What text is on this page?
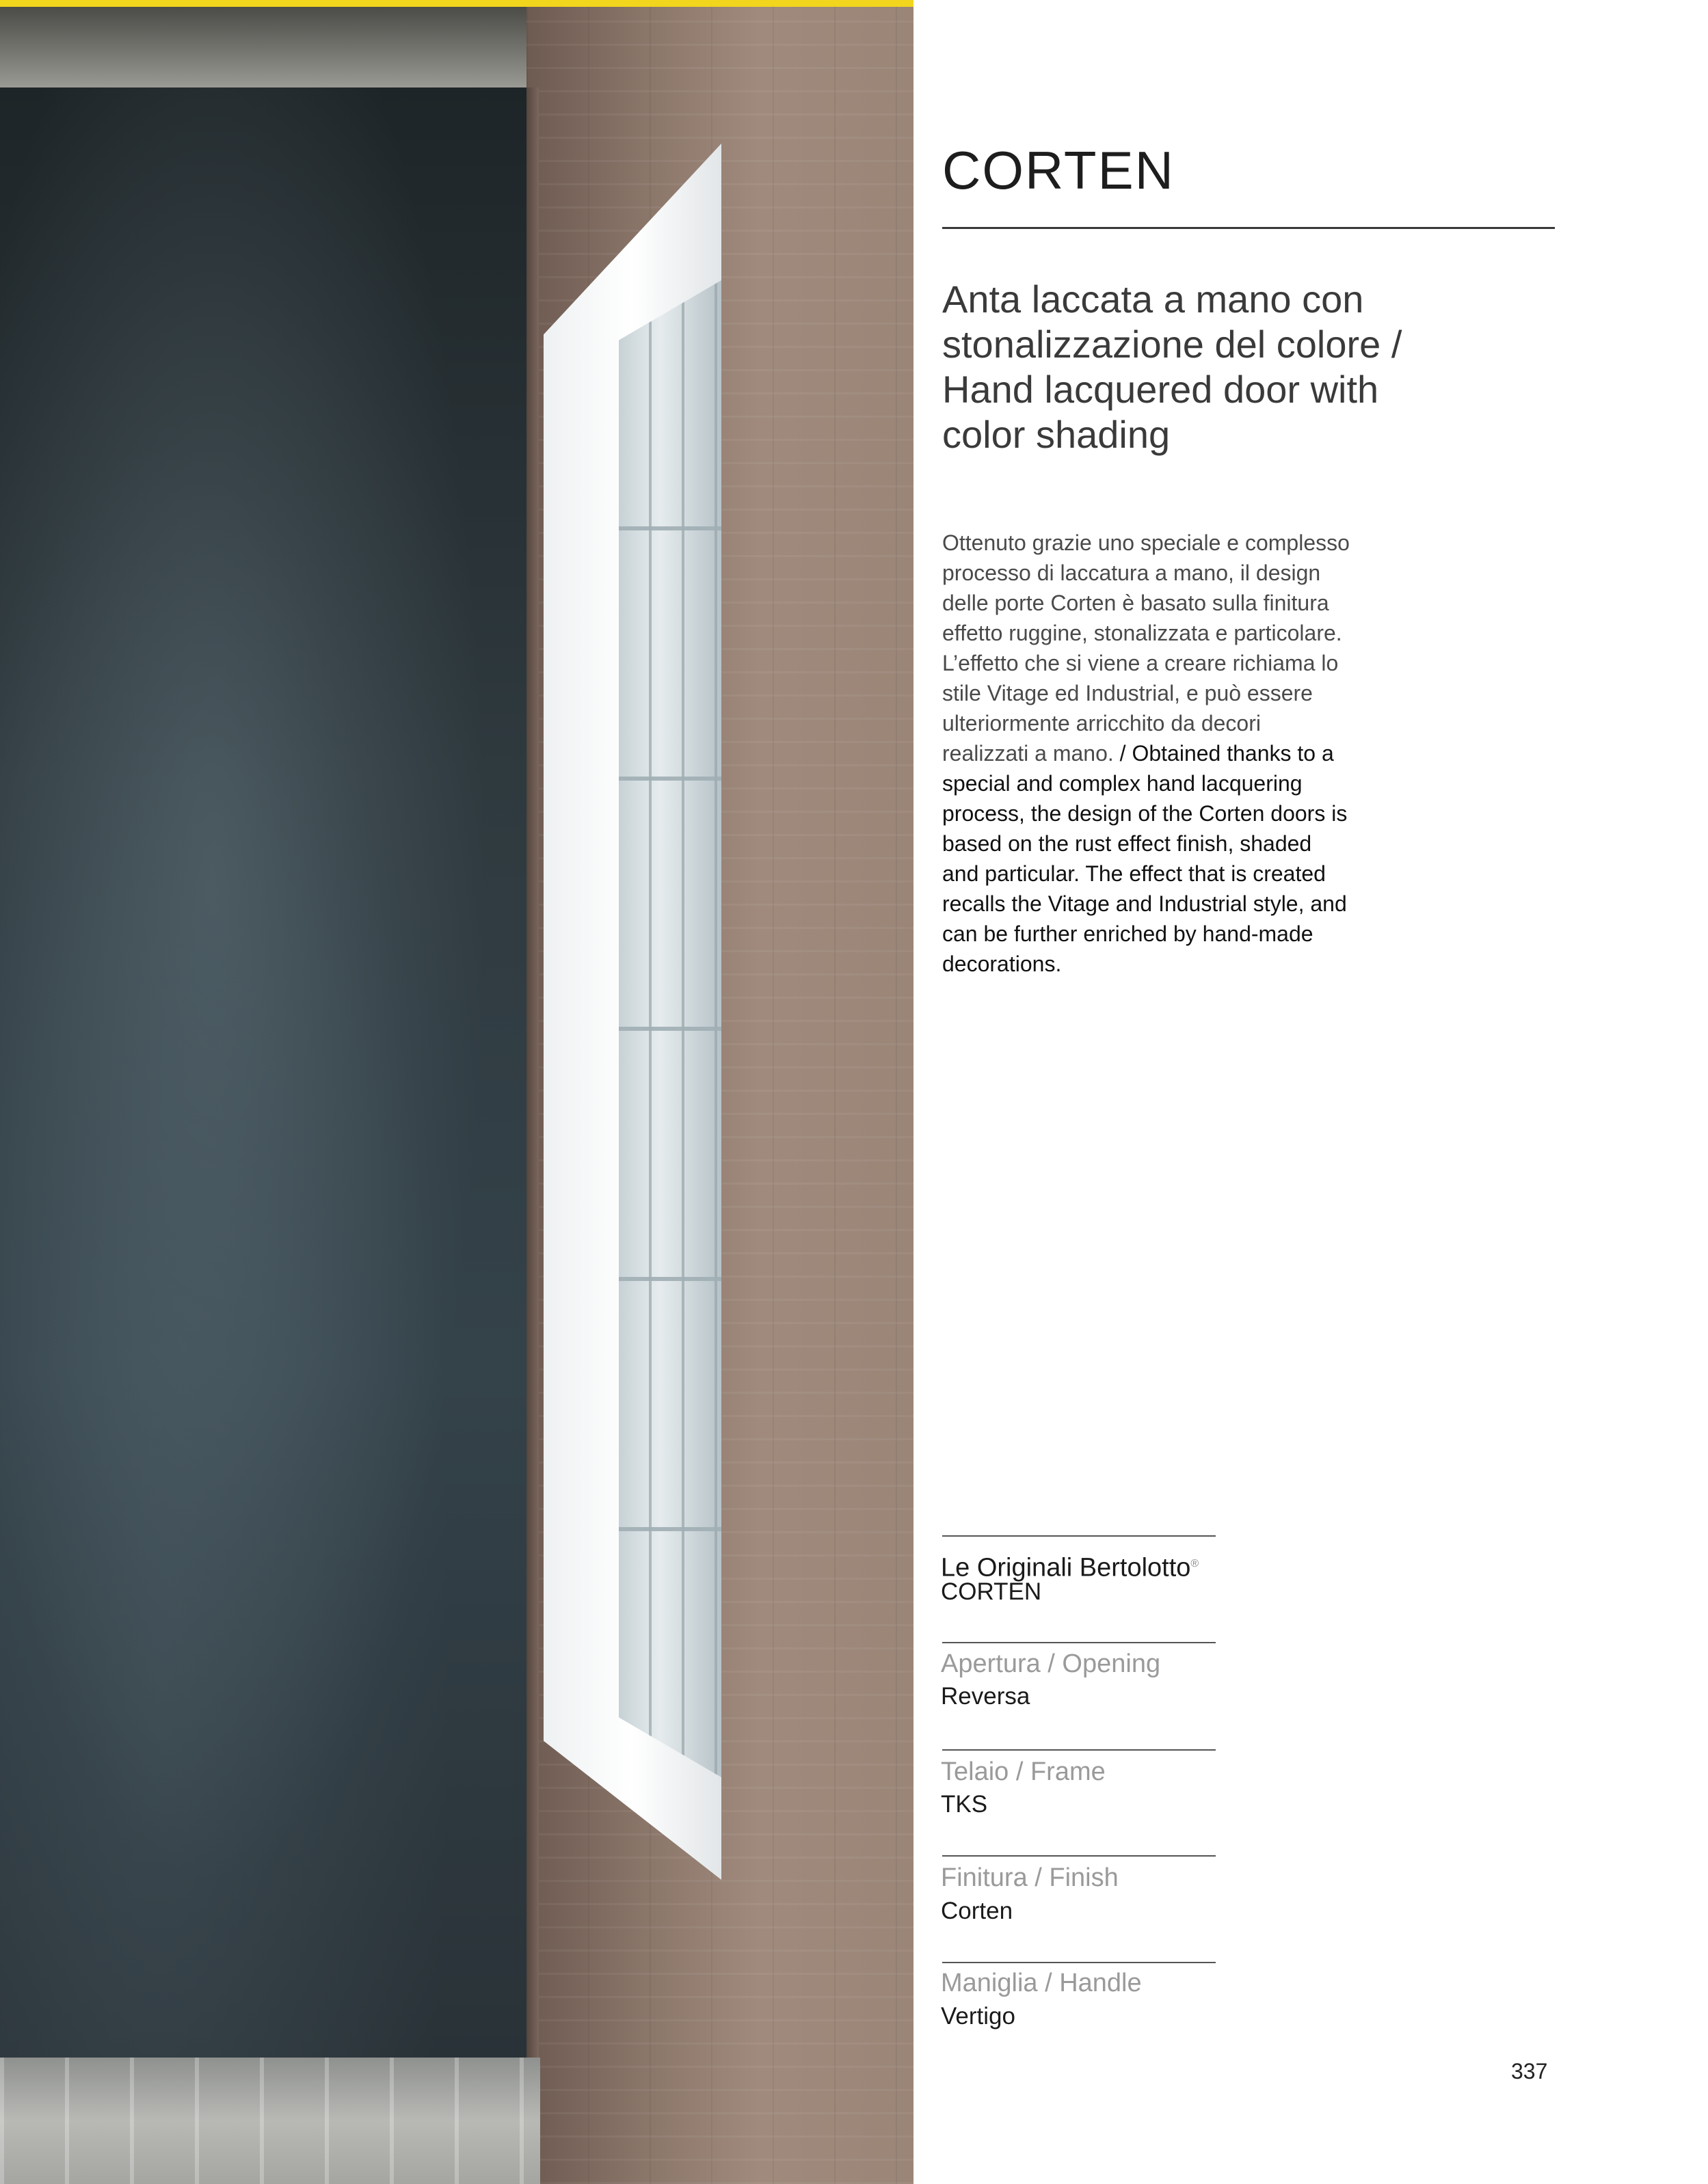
CORTEN

Anta laccata a mano con stonalizzazione del colore / Hand lacquered door with color shading

Ottenuto grazie uno speciale e complesso processo di laccatura a mano, il design delle porte Corten è basato sulla finitura effetto ruggine, stonalizzata e particolare. L’effetto che si viene a creare richiama lo stile Vitage ed Industrial, e può essere ulteriormente arricchito da decori realizzati a mano. / Obtained thanks to a special and complex hand lacquering process, the design of the Corten doors is based on the rust effect finish, shaded and particular. The effect that is created recalls the Vitage and Industrial style, and can be further enriched by hand-made decorations.

Le Originali Bertolotto®
CORTEN
Apertura / Opening
Reversa
Telaio / Frame
TKS
Finitura / Finish
Corten
Maniglia / Handle
Vertigo
337
